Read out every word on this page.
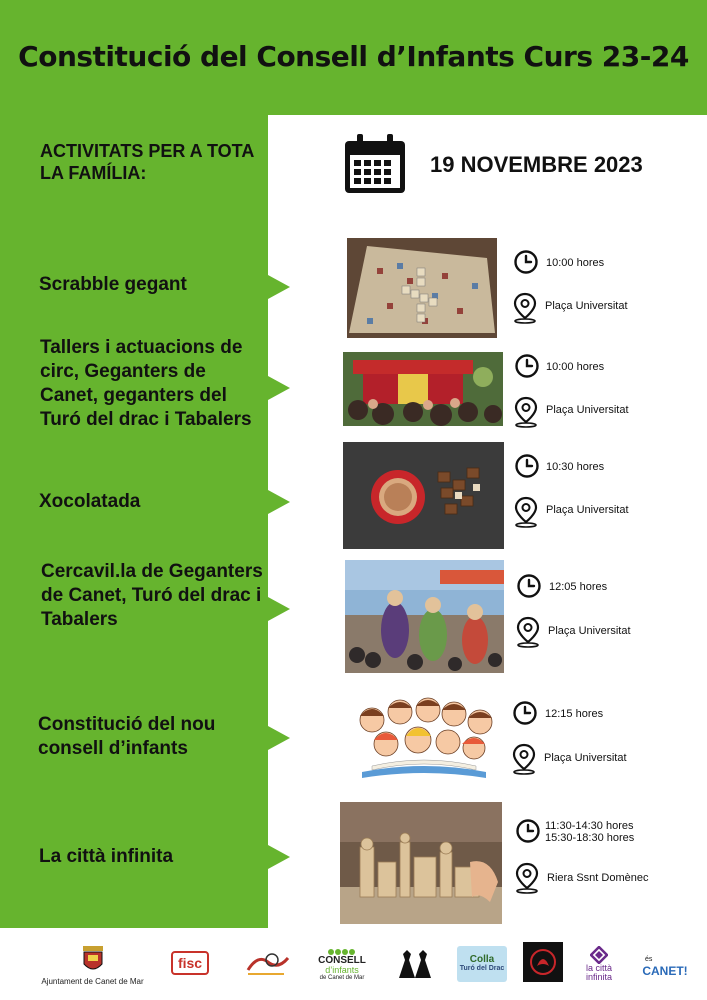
Constitució del Consell d’Infants Curs 23-24

ACTIVITATS PER A TOTA LA FAMÍLIA:	19 NOVEMBRE 2023
Scrabble gegant
10:00 hores
Plaça Universitat
Tallers i actuacions de circ, Geganters de Canet, geganters del Turó del drac i Tabalers
10:00 hores
Plaça Universitat
Xocolatada
10:30 hores
Plaça Universitat
Cercavil.la de Geganters de Canet, Turó del drac i Tabalers
12:05 hores
Plaça Universitat
Constitució del nou consell d’infants
12:15 hores
Plaça Universitat
La città infinita
11:30-14:30 hores
15:30-18:30 hores
Riera Ssnt Domènec
Ajuntament de Canet de Mar
fisc	CONSELL
d’infants
de Canet de Mar
Colla
Turó del Drac	la città
infinita
és
CANET!
